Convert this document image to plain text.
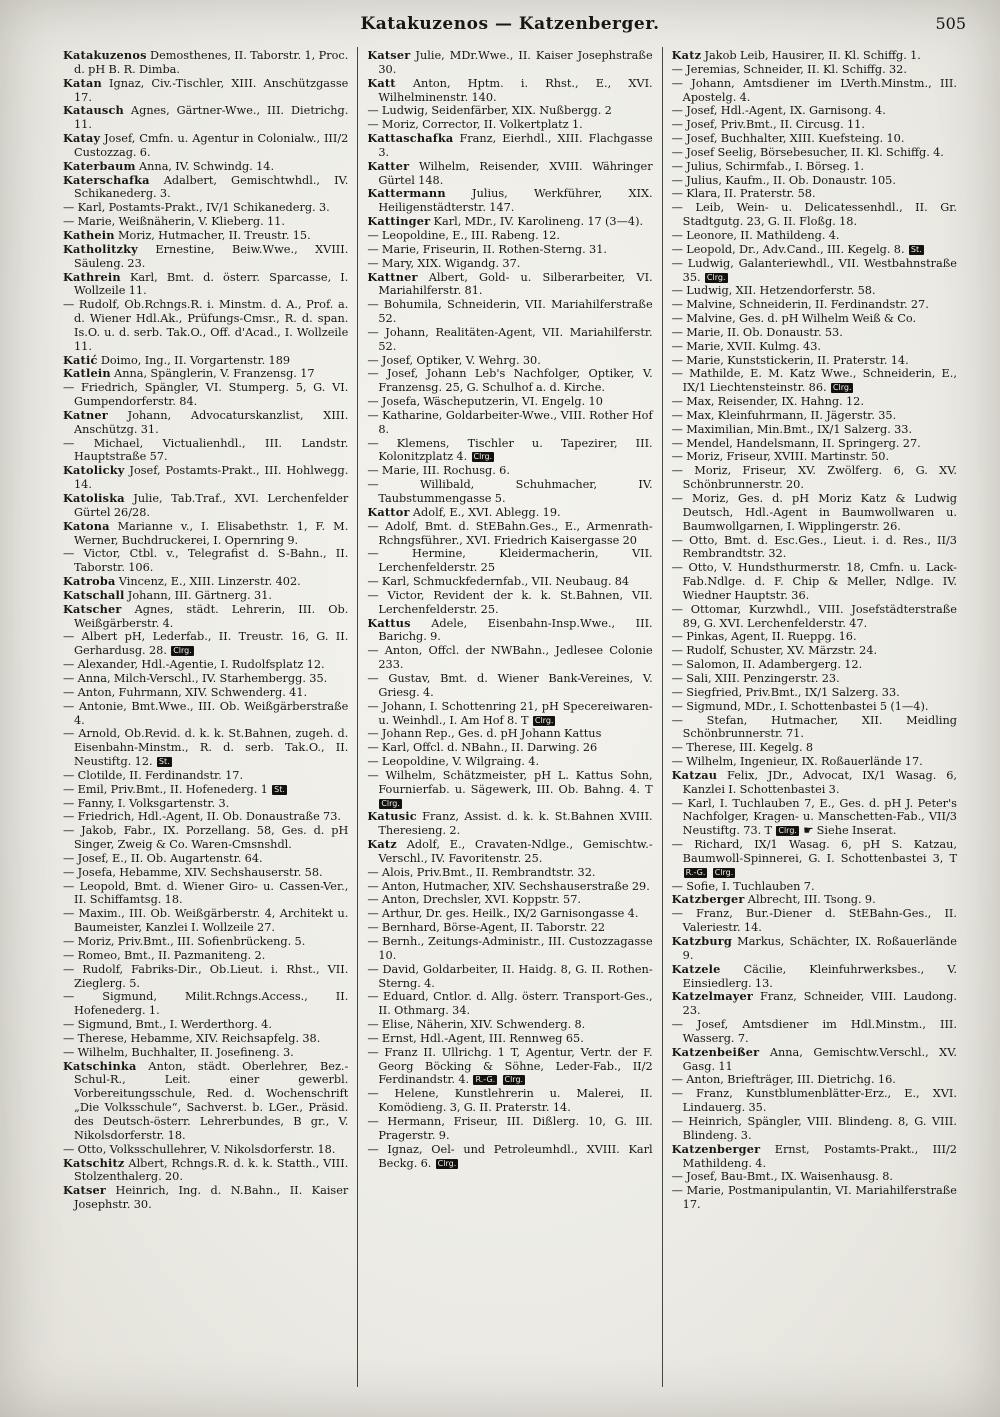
Katakuzenos — Katzenberger.	505
Katakuzenos Demosthenes, II. Taborstr. 1, Proc. d. pH B. R. Dimba.
Katan Ignaz, Civ.-Tischler, XIII. Anschützgasse 17.
Katausch Agnes, Gärtner-Wwe., III. Dietrichg. 11.
Katay Josef, Cmfn. u. Agentur in Colonialw., III/2 Custozzag. 6.
Katerbaum Anna, IV. Schwindg. 14.
Katerschafka Adalbert, Gemischtwhdl., IV. Schikanederg. 3.
— Karl, Postamts-Prakt., IV/1 Schikanederg. 3.
— Marie, Weißnäherin, V. Klieberg. 11.
Kathein Moriz, Hutmacher, II. Treustr. 15.
Katholitzky Ernestine, Beiw.Wwe., XVIII. Säuleng. 23.
Kathrein Karl, Bmt. d. österr. Sparcasse, I. Wollzeile 11.
— Rudolf, Ob.Rchngs.R. i. Minstm. d. A., Prof. a. d. Wiener Hdl.Ak., Prüfungs-Cmsr., R. d. span. Is.O. u. d. serb. Tak.O., Off. d'Acad., I. Wollzeile 11.
Katić Doimo, Ing., II. Vorgartenstr. 189
Katlein Anna, Spänglerin, V. Franzensg. 17
— Friedrich, Spängler, VI. Stumperg. 5, G. VI. Gumpendorferstr. 84.
Katner Johann, Advocaturskanzlist, XIII. Anschützg. 31.
— Michael, Victualienhdl., III. Landstr. Hauptstraße 57.
Katolicky Josef, Postamts-Prakt., III. Hohlwegg. 14.
Katoliska Julie, Tab.Traf., XVI. Lerchenfelder Gürtel 26/28.
Katona Marianne v., I. Elisabethstr. 1, F. M. Werner, Buchdruckerei, I. Opernring 9.
— Victor, Ctbl. v., Telegrafist d. S-Bahn., II. Taborstr. 106.
Katroba Vincenz, E., XIII. Linzerstr. 402.
Katschall Johann, III. Gärtnerg. 31.
Katscher Agnes, städt. Lehrerin, III. Ob. Weißgärberstr. 4.
— Albert pH, Lederfab., II. Treustr. 16, G. II. Gerhardusg. 28. Clrg.
— Alexander, Hdl.-Agentie, I. Rudolfsplatz 12.
— Anna, Milch-Verschl., IV. Starhembergg. 35.
— Anton, Fuhrmann, XIV. Schwenderg. 41.
— Antonie, Bmt.Wwe., III. Ob. Weißgärberstraße 4.
— Arnold, Ob.Revid. d. k. k. St.Bahnen, zugeh. d. Eisenbahn-Minstm., R. d. serb. Tak.O., II. Neustiftg. 12. St.
— Clotilde, II. Ferdinandstr. 17.
— Emil, Priv.Bmt., II. Hofenederg. 1 St.
— Fanny, I. Volksgartenstr. 3.
— Friedrich, Hdl.-Agent, II. Ob. Donaustraße 73.
— Jakob, Fabr., IX. Porzellang. 58, Ges. d. pH Singer, Zweig & Co. Waren-Cmsnshdl.
— Josef, E., II. Ob. Augartenstr. 64.
— Josefa, Hebamme, XIV. Sechshauserstr. 58.
— Leopold, Bmt. d. Wiener Giro- u. Cassen-Ver., II. Schiffamtsg. 18.
— Maxim., III. Ob. Weißgärberstr. 4, Architekt u. Baumeister, Kanzlei I. Wollzeile 27.
— Moriz, Priv.Bmt., III. Sofienbrückeng. 5.
— Romeo, Bmt., II. Pazmaniteng. 2.
— Rudolf, Fabriks-Dir., Ob.Lieut. i. Rhst., VII. Zieglerg. 5.
— Sigmund, Milit.Rchngs.Access., II. Hofenederg. 1.
— Sigmund, Bmt., I. Werderthorg. 4.
— Therese, Hebamme, XIV. Reichsapfelg. 38.
— Wilhelm, Buchhalter, II. Josefineng. 3.
Katschinka Anton, städt. Oberlehrer, Bez.-Schul-R., Leit. einer gewerbl. Vorbereitungsschule, Red. d. Wochenschrift „Die Volksschule“, Sachverst. b. LGer., Präsid. des Deutsch-österr. Lehrerbundes, B gr., V. Nikolsdorferstr. 18.
— Otto, Volksschullehrer, V. Nikolsdorferstr. 18.
Katschitz Albert, Rchngs.R. d. k. k. Statth., VIII. Stolzenthalerg. 20.
Katser Heinrich, Ing. d. N.Bahn., II. Kaiser Josephstr. 30.
Katser Julie, MDr.Wwe., II. Kaiser Josephstraße 30.
Katt Anton, Hptm. i. Rhst., E., XVI. Wilhelminenstr. 140.
— Ludwig, Seidenfärber, XIX. Nußbergg. 2
— Moriz, Corrector, II. Volkertplatz 1.
Kattaschafka Franz, Eierhdl., XIII. Flachgasse 3.
Katter Wilhelm, Reisender, XVIII. Währinger Gürtel 148.
Kattermann Julius, Werkführer, XIX. Heiligenstädterstr. 147.
Kattinger Karl, MDr., IV. Karolineng. 17 (3—4).
— Leopoldine, E., III. Rabeng. 12.
— Marie, Friseurin, II. Rothen-Sterng. 31.
— Mary, XIX. Wigandg. 37.
Kattner Albert, Gold- u. Silberarbeiter, VI. Mariahilferstr. 81.
— Bohumila, Schneiderin, VII. Mariahilferstraße 52.
— Johann, Realitäten-Agent, VII. Mariahilferstr. 52.
— Josef, Optiker, V. Wehrg. 30.
— Josef, Johann Leb's Nachfolger, Optiker, V. Franzensg. 25, G. Schulhof a. d. Kirche.
— Josefa, Wäscheputzerin, VI. Engelg. 10
— Katharine, Goldarbeiter-Wwe., VIII. Rother Hof 8.
— Klemens, Tischler u. Tapezirer, III. Kolonitzplatz 4. Clrg.
— Marie, III. Rochusg. 6.
— Willibald, Schuhmacher, IV. Taubstummengasse 5.
Kattor Adolf, E., XVI. Ablegg. 19.
— Adolf, Bmt. d. StEBahn.Ges., E., Armenrath-Rchngsführer., XVI. Friedrich Kaisergasse 20
— Hermine, Kleidermacherin, VII. Lerchenfelderstr. 25
— Karl, Schmuckfedernfab., VII. Neubaug. 84
— Victor, Revident der k. k. St.Bahnen, VII. Lerchenfelderstr. 25.
Kattus Adele, Eisenbahn-Insp.Wwe., III. Barichg. 9.
— Anton, Offcl. der NWBahn., Jedlesee Colonie 233.
— Gustav, Bmt. d. Wiener Bank-Vereines, V. Griesg. 4.
— Johann, I. Schottenring 21, pH Specereiwaren- u. Weinhdl., I. Am Hof 8. T Clrg.
— Johann Rep., Ges. d. pH Johann Kattus
— Karl, Offcl. d. NBahn., II. Darwing. 26
— Leopoldine, V. Wilgraing. 4.
— Wilhelm, Schätzmeister, pH L. Kattus Sohn, Fournierfab. u. Sägewerk, III. Ob. Bahng. 4. T Clrg.
Katusic Franz, Assist. d. k. k. St.Bahnen XVIII. Theresieng. 2.
Katz Adolf, E., Cravaten-Ndlge., Gemischtw.-Verschl., IV. Favoritenstr. 25.
— Alois, Priv.Bmt., II. Rembrandtstr. 32.
— Anton, Hutmacher, XIV. Sechshauserstraße 29.
— Anton, Drechsler, XVI. Koppstr. 57.
— Arthur, Dr. ges. Heilk., IX/2 Garnisongasse 4.
— Bernhard, Börse-Agent, II. Taborstr. 22
— Bernh., Zeitungs-Administr., III. Custozzagasse 10.
— David, Goldarbeiter, II. Haidg. 8, G. II. Rothen-Sterng. 4.
— Eduard, Cntlor. d. Allg. österr. Transport-Ges., II. Othmarg. 34.
— Elise, Näherin, XIV. Schwenderg. 8.
— Ernst, Hdl.-Agent, III. Rennweg 65.
— Franz II. Ullrichg. 1 T, Agentur, Vertr. der F. Georg Böcking & Söhne, Leder-Fab., II/2 Ferdinandstr. 4. R.-G. Clrg.
— Helene, Kunstlehrerin u. Malerei, II. Komödieng. 3, G. II. Praterstr. 14.
— Hermann, Friseur, III. Dißlerg. 10, G. III. Pragerstr. 9.
— Ignaz, Oel- und Petroleumhdl., XVIII. Karl Beckg. 6. Clrg.
Katz Jakob Leib, Hausirer, II. Kl. Schiffg. 1.
— Jeremias, Schneider, II. Kl. Schiffg. 32.
— Johann, Amtsdiener im LVerth.Minstm., III. Apostelg. 4.
— Josef, Hdl.-Agent, IX. Garnisong. 4.
— Josef, Priv.Bmt., II. Circusg. 11.
— Josef, Buchhalter, XIII. Kuefsteing. 10.
— Josef Seelig, Börsebesucher, II. Kl. Schiffg. 4.
— Julius, Schirmfab., I. Börseg. 1.
— Julius, Kaufm., II. Ob. Donaustr. 105.
— Klara, II. Praterstr. 58.
— Leib, Wein- u. Delicatessenhdl., II. Gr. Stadtgutg. 23, G. II. Floßg. 18.
— Leonore, II. Mathildeng. 4.
— Leopold, Dr., Adv.Cand., III. Kegelg. 8. St.
— Ludwig, Galanteriewhdl., VII. Westbahnstraße 35. Clrg.
— Ludwig, XII. Hetzendorferstr. 58.
— Malvine, Schneiderin, II. Ferdinandstr. 27.
— Malvine, Ges. d. pH Wilhelm Weiß & Co.
— Marie, II. Ob. Donaustr. 53.
— Marie, XVII. Kulmg. 43.
— Marie, Kunststickerin, II. Praterstr. 14.
— Mathilde, E. M. Katz Wwe., Schneiderin, E., IX/1 Liechtensteinstr. 86. Clrg.
— Max, Reisender, IX. Hahng. 12.
— Max, Kleinfuhrmann, II. Jägerstr. 35.
— Maximilian, Min.Bmt., IX/1 Salzerg. 33.
— Mendel, Handelsmann, II. Springerg. 27.
— Moriz, Friseur, XVIII. Martinstr. 50.
— Moriz, Friseur, XV. Zwölferg. 6, G. XV. Schönbrunnerstr. 20.
— Moriz, Ges. d. pH Moriz Katz & Ludwig Deutsch, Hdl.-Agent in Baumwollwaren u. Baumwollgarnen, I. Wipplingerstr. 26.
— Otto, Bmt. d. Esc.Ges., Lieut. i. d. Res., II/3 Rembrandtstr. 32.
— Otto, V. Hundsthurmerstr. 18, Cmfn. u. Lack-Fab.Ndlge. d. F. Chip & Meller, Ndlge. IV. Wiedner Hauptstr. 36.
— Ottomar, Kurzwhdl., VIII. Josefstädterstraße 89, G. XVI. Lerchenfelderstr. 47.
— Pinkas, Agent, II. Rueppg. 16.
— Rudolf, Schuster, XV. Märzstr. 24.
— Salomon, II. Adambergerg. 12.
— Sali, XIII. Penzingerstr. 23.
— Siegfried, Priv.Bmt., IX/1 Salzerg. 33.
— Sigmund, MDr., I. Schottenbastei 5 (1—4).
— Stefan, Hutmacher, XII. Meidling Schönbrunnerstr. 71.
— Therese, III. Kegelg. 8
— Wilhelm, Ingenieur, IX. Roßauerlände 17.
Katzau Felix, JDr., Advocat, IX/1 Wasag. 6, Kanzlei I. Schottenbastei 3.
— Karl, I. Tuchlauben 7, E., Ges. d. pH J. Peter's Nachfolger, Kragen- u. Manschetten-Fab., VII/3 Neustiftg. 73. T Clrg. ☛ Siehe Inserat.
— Richard, IX/1 Wasag. 6, pH S. Katzau, Baumwoll-Spinnerei, G. I. Schottenbastei 3, T R.-G. Clrg.
— Sofie, I. Tuchlauben 7.
Katzberger Albrecht, III. Tsong. 9.
— Franz, Bur.-Diener d. StEBahn-Ges., II. Valeriestr. 14.
Katzburg Markus, Schächter, IX. Roßauerlände 9.
Katzele Cäcilie, Kleinfuhrwerksbes., V. Einsiedlerg. 13.
Katzelmayer Franz, Schneider, VIII. Laudong. 23.
— Josef, Amtsdiener im Hdl.Minstm., III. Wasserg. 7.
Katzenbeißer Anna, Gemischtw.Verschl., XV. Gasg. 11
— Anton, Briefträger, III. Dietrichg. 16.
— Franz, Kunstblumenblätter-Erz., E., XVI. Lindauerg. 35.
— Heinrich, Spängler, VIII. Blindeng. 8, G. VIII. Blindeng. 3.
Katzenberger Ernst, Postamts-Prakt., III/2 Mathildeng. 4.
— Josef, Bau-Bmt., IX. Waisenhausg. 8.
— Marie, Postmanipulantin, VI. Mariahilferstraße 17.
